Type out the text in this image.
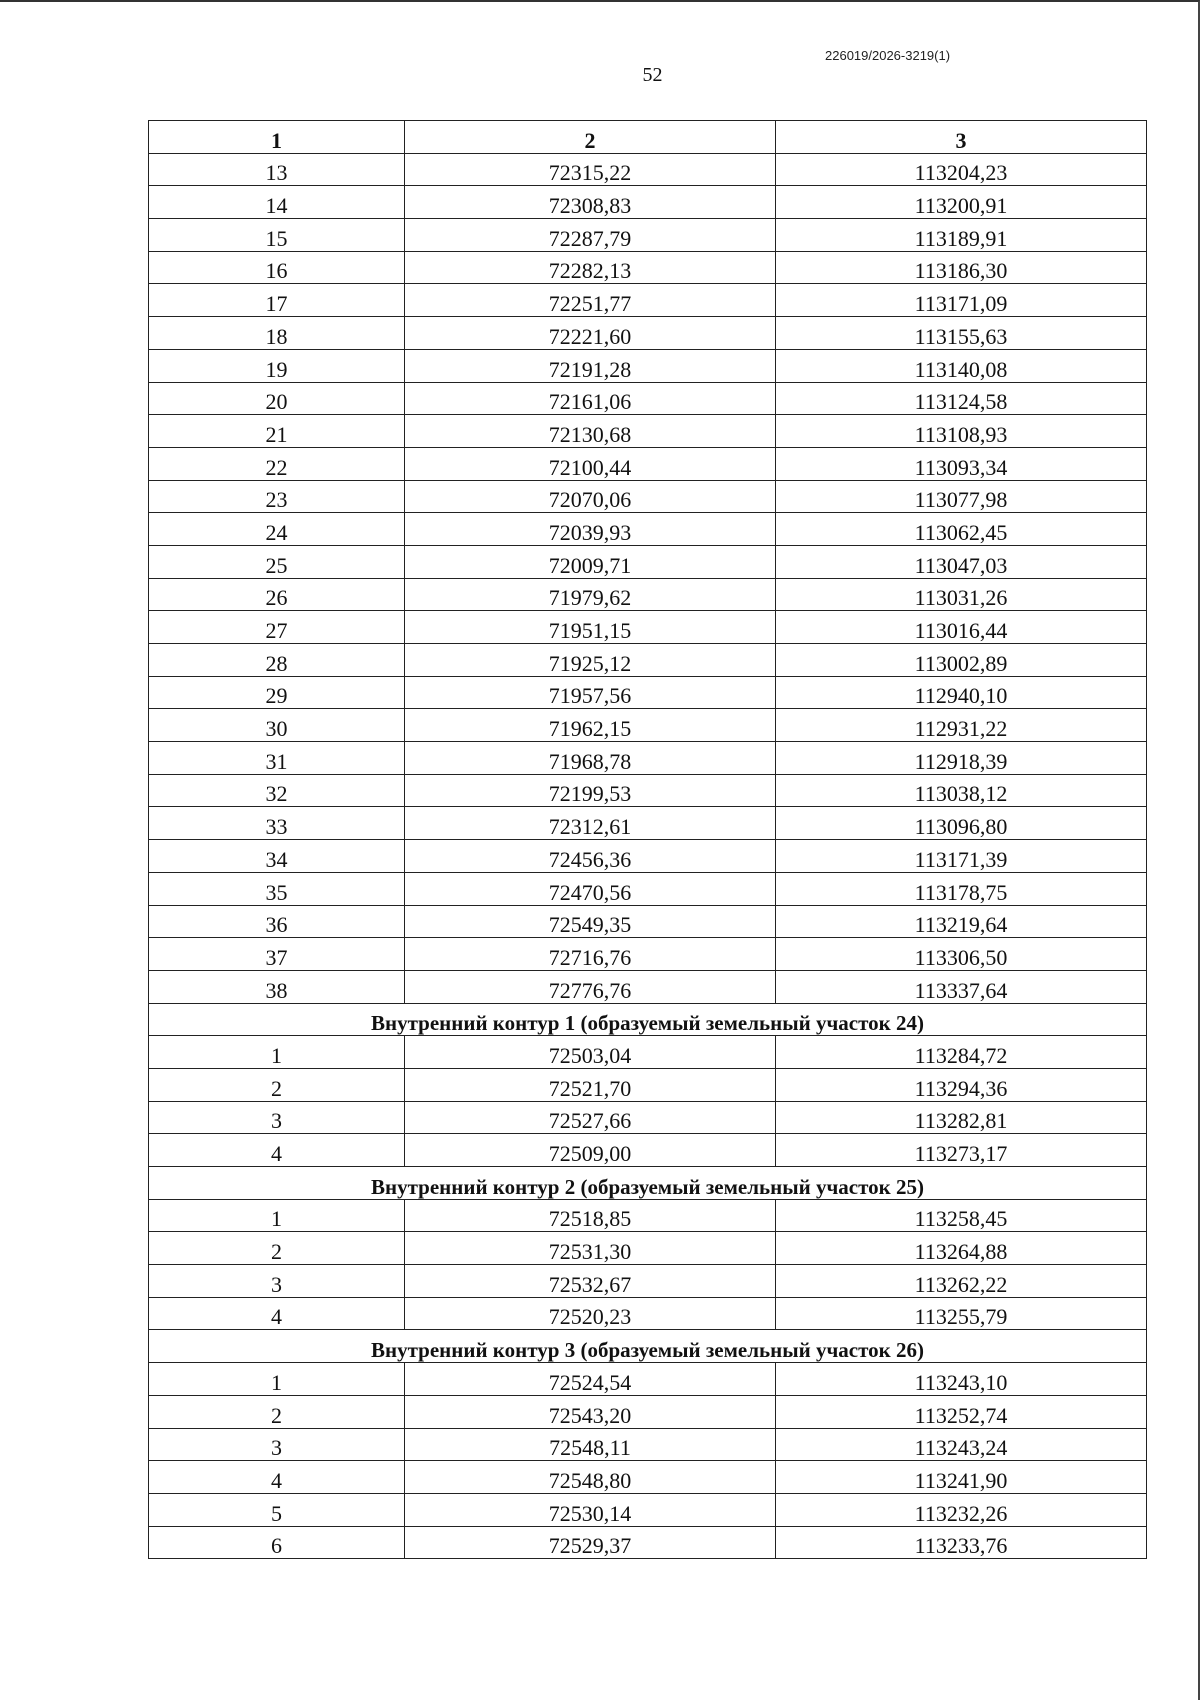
226019/2026-3219(1)
52
1	2	3
13	72315,22	113204,23
14	72308,83	113200,91
15	72287,79	113189,91
16	72282,13	113186,30
17	72251,77	113171,09
18	72221,60	113155,63
19	72191,28	113140,08
20	72161,06	113124,58
21	72130,68	113108,93
22	72100,44	113093,34
23	72070,06	113077,98
24	72039,93	113062,45
25	72009,71	113047,03
26	71979,62	113031,26
27	71951,15	113016,44
28	71925,12	113002,89
29	71957,56	112940,10
30	71962,15	112931,22
31	71968,78	112918,39
32	72199,53	113038,12
33	72312,61	113096,80
34	72456,36	113171,39
35	72470,56	113178,75
36	72549,35	113219,64
37	72716,76	113306,50
38	72776,76	113337,64
Внутренний контур 1 (образуемый земельный участок 24)		
1	72503,04	113284,72
2	72521,70	113294,36
3	72527,66	113282,81
4	72509,00	113273,17
Внутренний контур 2 (образуемый земельный участок 25)		
1	72518,85	113258,45
2	72531,30	113264,88
3	72532,67	113262,22
4	72520,23	113255,79
Внутренний контур 3 (образуемый земельный участок 26)		
1	72524,54	113243,10
2	72543,20	113252,74
3	72548,11	113243,24
4	72548,80	113241,90
5	72530,14	113232,26
6	72529,37	113233,76
